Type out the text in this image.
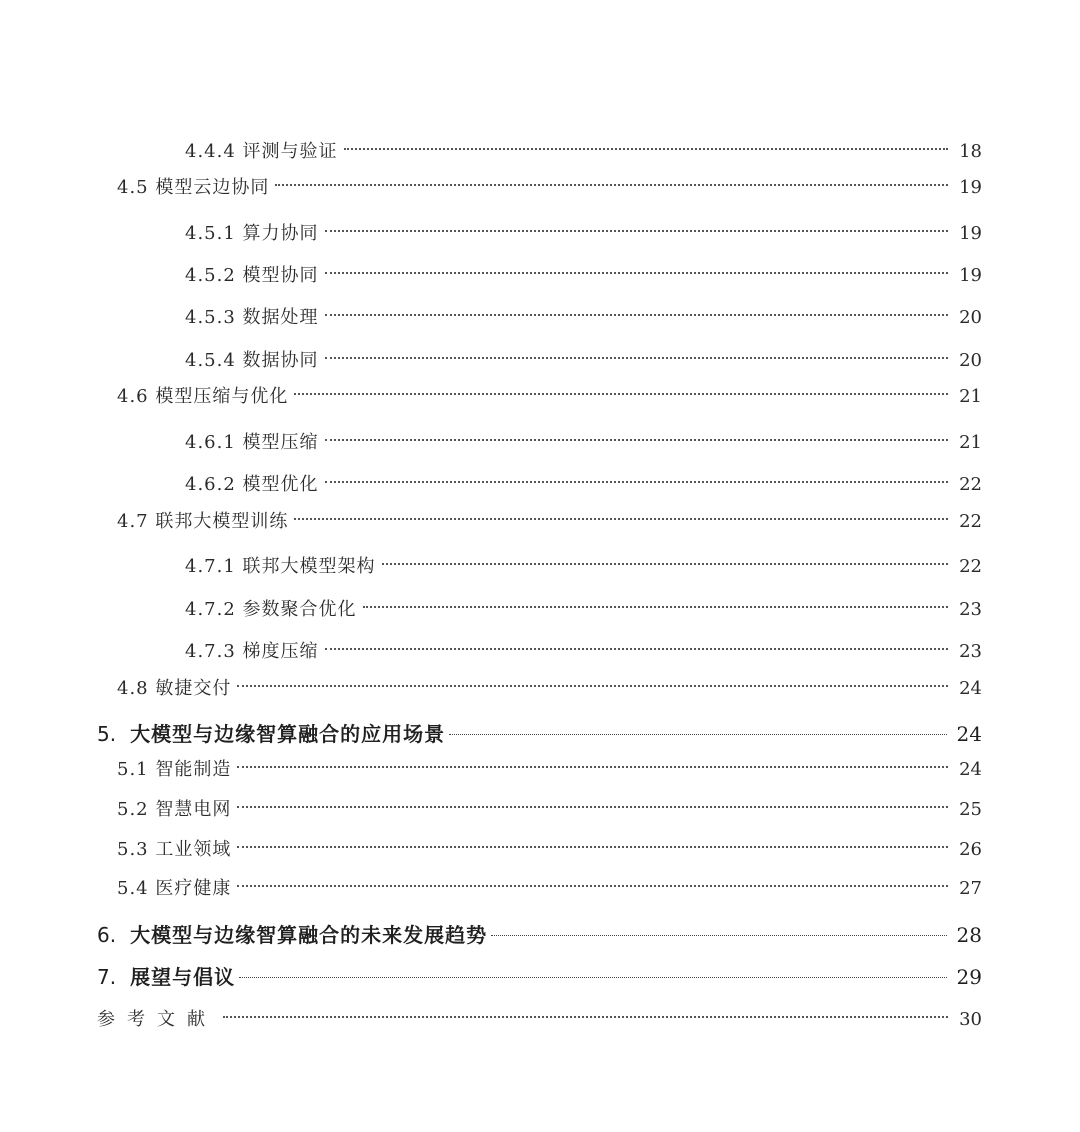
4.4.4 评测与验证	18
4.5 模型云边协同	19
4.5.1 算力协同	19
4.5.2 模型协同	19
4.5.3 数据处理	20
4.5.4 数据协同	20
4.6 模型压缩与优化	21
4.6.1 模型压缩	21
4.6.2 模型优化	22
4.7 联邦大模型训练	22
4.7.1 联邦大模型架构	22
4.7.2 参数聚合优化	23
4.7.3 梯度压缩	23
4.8 敏捷交付	24
5. 大模型与边缘智算融合的应用场景	24
5.1 智能制造	24
5.2 智慧电网	25
5.3 工业领域	26
5.4 医疗健康	27
6. 大模型与边缘智算融合的未来发展趋势	28
7. 展望与倡议	29
参考文献	30
